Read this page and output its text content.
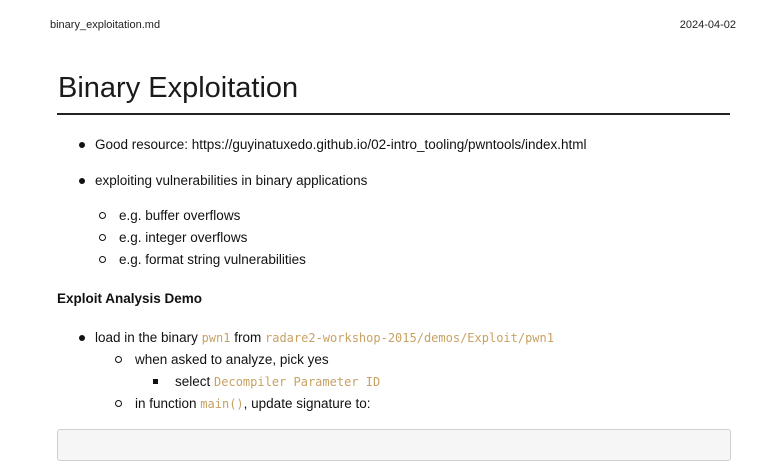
binary_exploitation.md	2024-04-02
Binary Exploitation
Good resource: https://guyinatuxedo.github.io/02-intro_tooling/pwntools/index.html
exploiting vulnerabilities in binary applications
e.g. buffer overflows
e.g. integer overflows
e.g. format string vulnerabilities
Exploit Analysis Demo
load in the binary pwn1 from radare2-workshop-2015/demos/Exploit/pwn1
when asked to analyze, pick yes
select Decompiler Parameter ID
in function main(), update signature to:
